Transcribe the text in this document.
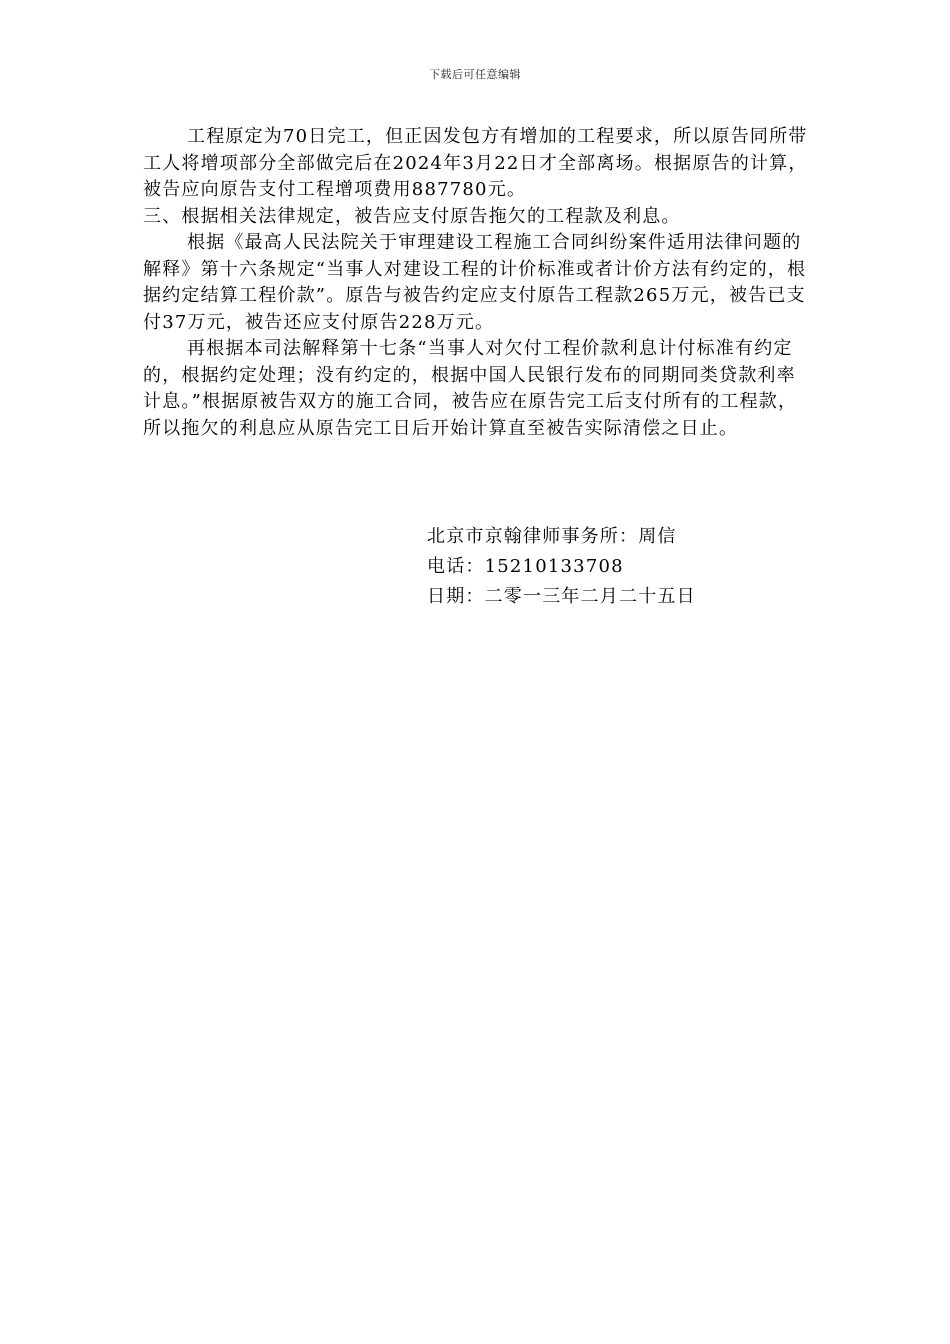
下载后可任意编辑

工程原定为70日完工，但正因发包方有增加的工程要求，所以原告同所带工人将增项部分全部做完后在2024年3月22日才全部离场。根据原告的计算，被告应向原告支付工程增项费用887780元。

三、根据相关法律规定，被告应支付原告拖欠的工程款及利息。

根据《最高人民法院关于审理建设工程施工合同纠纷案件适用法律问题的解释》第十六条规定“当事人对建设工程的计价标准或者计价方法有约定的，根据约定结算工程价款”。原告与被告约定应支付原告工程款265万元，被告已支付37万元，被告还应支付原告228万元。

再根据本司法解释第十七条“当事人对欠付工程价款利息计付标准有约定的，根据约定处理；没有约定的，根据中国人民银行发布的同期同类贷款利率计息。”根据原被告双方的施工合同，被告应在原告完工后支付所有的工程款，所以拖欠的利息应从原告完工日后开始计算直至被告实际清偿之日止。

北京市京翰律师事务所：周信

电话：15210133708

日期：二零一三年二月二十五日
